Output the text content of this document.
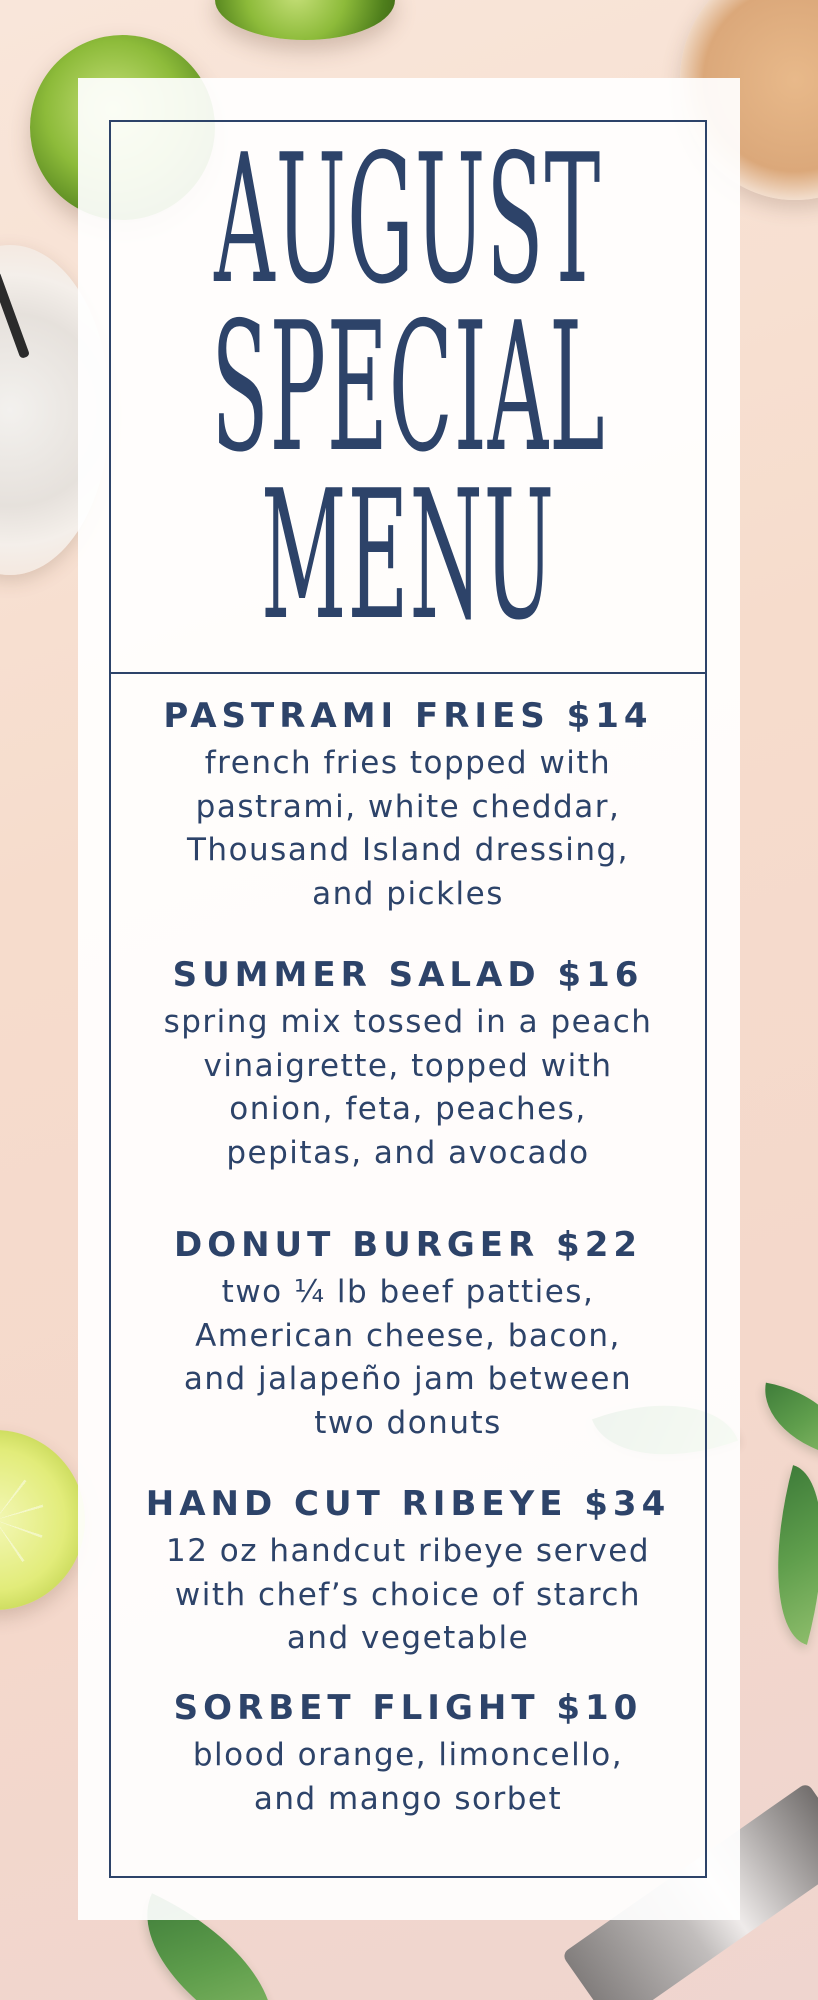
AUGUST
SPECIAL
MENU
PASTRAMI FRIES $14
french fries topped with
pastrami, white cheddar,
Thousand Island dressing,
and pickles
SUMMER SALAD $16
spring mix tossed in a peach
vinaigrette, topped with
onion, feta, peaches,
pepitas, and avocado
DONUT BURGER $22
two ¼ lb beef patties,
American cheese, bacon,
and jalapeño jam between
two donuts
HAND CUT RIBEYE $34
12 oz handcut ribeye served
with chef’s choice of starch
and vegetable
SORBET FLIGHT $10
blood orange, limoncello,
and mango sorbet
